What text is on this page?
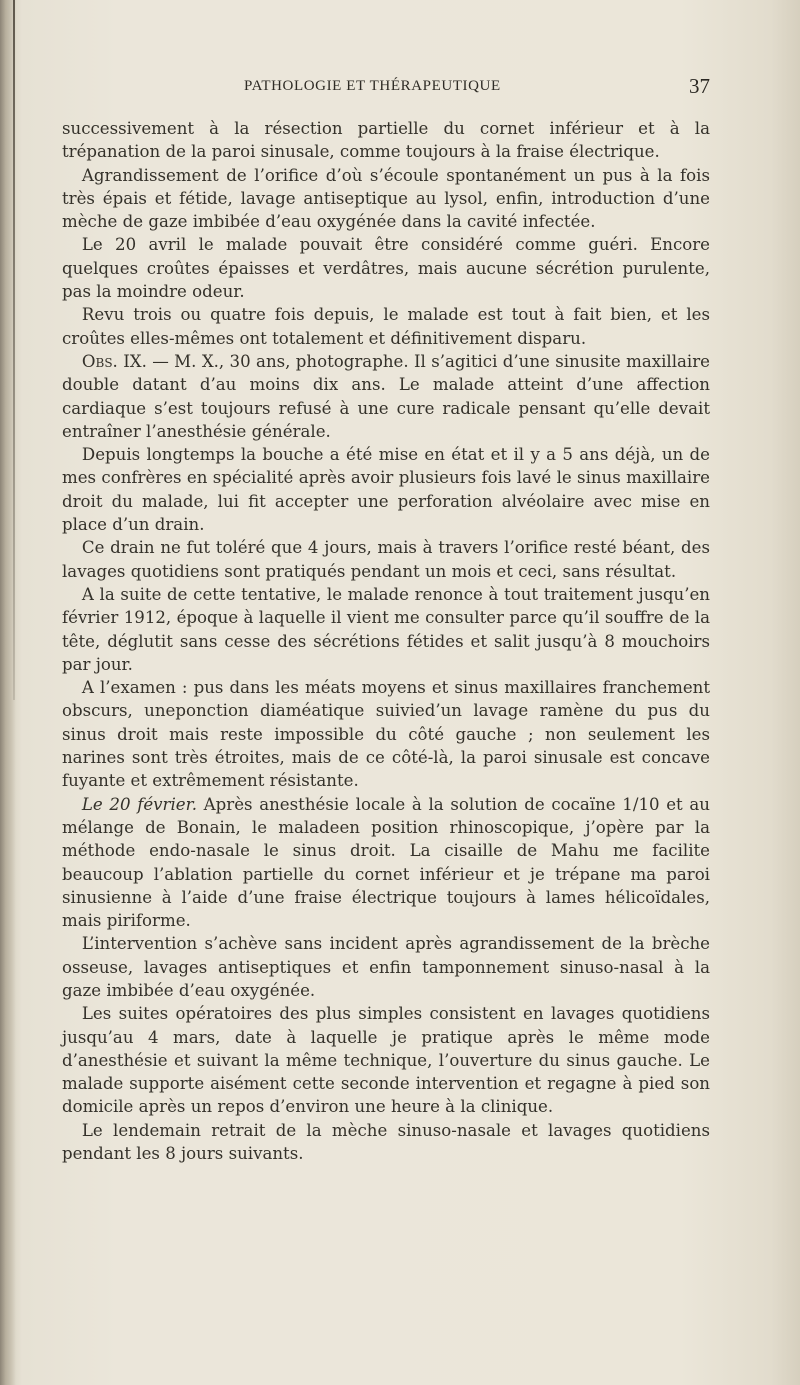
PATHOLOGIE ET THÉRAPEUTIQUE	37

successivement à la résection partielle du cornet inférieur et à la trépanation de la paroi sinusale, comme toujours à la fraise électrique.

Agrandissement de l’orifice d’où s’écoule spontanément un pus à la fois très épais et fétide, lavage antiseptique au lysol, enfin, introduction d’une mèche de gaze imbibée d’eau oxygénée dans la cavité infectée.

Le 20 avril le malade pouvait être considéré comme guéri. Encore quelques croûtes épaisses et verdâtres, mais aucune sécrétion purulente, pas la moindre odeur.

Revu trois ou quatre fois depuis, le malade est tout à fait bien, et les croûtes elles-mêmes ont totalement et définitivement disparu.

Obs. IX. — M. X., 30 ans, photographe. Il s’agitici d’une sinusite maxillaire double datant d’au moins dix ans. Le malade atteint d’une affection cardiaque s’est toujours refusé à une cure radicale pensant qu’elle devait entraîner l’anesthésie générale.

Depuis longtemps la bouche a été mise en état et il y a 5 ans déjà, un de mes confrères en spécialité après avoir plusieurs fois lavé le sinus maxillaire droit du malade, lui fit accepter une perforation alvéolaire avec mise en place d’un drain.

Ce drain ne fut toléré que 4 jours, mais à travers l’orifice resté béant, des lavages quotidiens sont pratiqués pendant un mois et ceci, sans résultat.

A la suite de cette tentative, le malade renonce à tout traitement jusqu’en février 1912, époque à laquelle il vient me consulter parce qu’il souffre de la tête, déglutit sans cesse des sécrétions fétides et salit jusqu’à 8 mouchoirs par jour.

A l’examen : pus dans les méats moyens et sinus maxillaires franchement obscurs, uneponction diaméatique suivied’un lavage ramène du pus du sinus droit mais reste impossible du côté gauche ; non seulement les narines sont très étroites, mais de ce côté-là, la paroi sinusale est concave fuyante et extrêmement résistante.

Le 20 février. Après anesthésie locale à la solution de cocaïne 1/10 et au mélange de Bonain, le maladeen position rhinoscopique, j’opère par la méthode endo-nasale le sinus droit. La cisaille de Mahu me facilite beaucoup l’ablation partielle du cornet inférieur et je trépane ma paroi sinusienne à l’aide d’une fraise électrique toujours à lames hélicoïdales, mais piriforme.

L’intervention s’achève sans incident après agrandissement de la brèche osseuse, lavages antiseptiques et enfin tamponnement sinuso-nasal à la gaze imbibée d’eau oxygénée.

Les suites opératoires des plus simples consistent en lavages quotidiens jusqu’au 4 mars, date à laquelle je pratique après le même mode d’anesthésie et suivant la même technique, l’ouverture du sinus gauche. Le malade supporte aisément cette seconde intervention et regagne à pied son domicile après un repos d’environ une heure à la clinique.

Le lendemain retrait de la mèche sinuso-nasale et lavages quotidiens pendant les 8 jours suivants.
